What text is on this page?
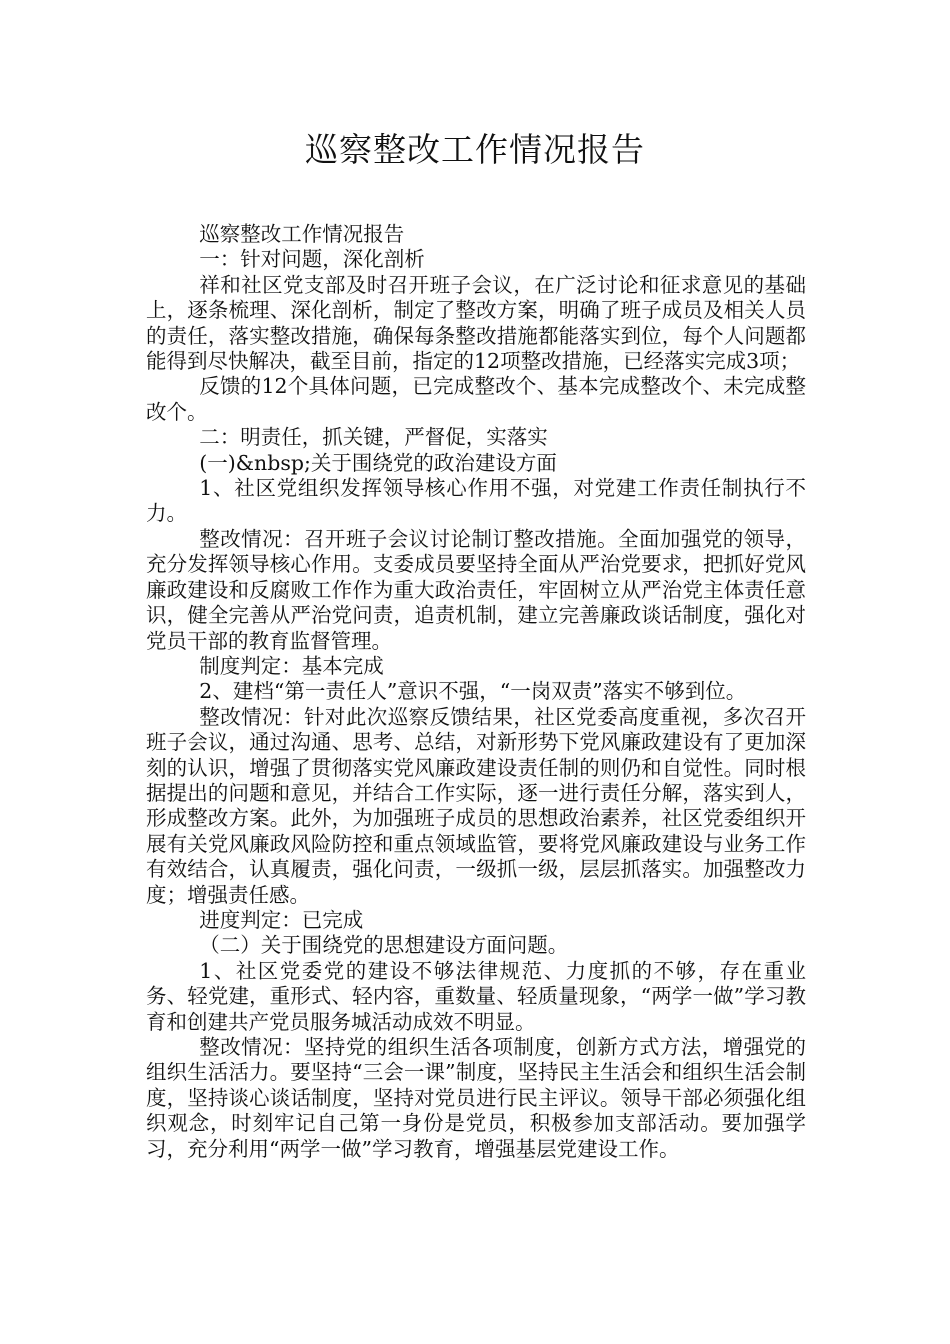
巡察整改工作情况报告

巡察整改工作情况报告

一：针对问题，深化剖析

祥和社区党支部及时召开班子会议，在广泛讨论和征求意见的基础上，逐条梳理、深化剖析，制定了整改方案，明确了班子成员及相关人员的责任，落实整改措施，确保每条整改措施都能落实到位，每个人问题都能得到尽快解决，截至目前，指定的12项整改措施，已经落实完成3项；

反馈的12个具体问题，已完成整改个、基本完成整改个、未完成整改个。

二：明责任，抓关键，严督促，实落实

(一)&nbsp;关于围绕党的政治建设方面

1、社区党组织发挥领导核心作用不强，对党建工作责任制执行不力。

整改情况：召开班子会议讨论制订整改措施。全面加强党的领导，充分发挥领导核心作用。支委成员要坚持全面从严治党要求，把抓好党风廉政建设和反腐败工作作为重大政治责任，牢固树立从严治党主体责任意识，健全完善从严治党问责，追责机制，建立完善廉政谈话制度，强化对党员干部的教育监督管理。

制度判定：基本完成

2、建档“第一责任人”意识不强，“一岗双责”落实不够到位。

整改情况：针对此次巡察反馈结果，社区党委高度重视，多次召开班子会议，通过沟通、思考、总结，对新形势下党风廉政建设有了更加深刻的认识，增强了贯彻落实党风廉政建设责任制的则仍和自觉性。同时根据提出的问题和意见，并结合工作实际，逐一进行责任分解，落实到人，形成整改方案。此外，为加强班子成员的思想政治素养，社区党委组织开展有关党风廉政风险防控和重点领域监管，要将党风廉政建设与业务工作有效结合，认真履责，强化问责，一级抓一级，层层抓落实。加强整改力度；增强责任感。

进度判定：已完成

（二）关于围绕党的思想建设方面问题。

1、社区党委党的建设不够法律规范、力度抓的不够，存在重业务、轻党建，重形式、轻内容，重数量、轻质量现象，“两学一做”学习教育和创建共产党员服务城活动成效不明显。

整改情况：坚持党的组织生活各项制度，创新方式方法，增强党的组织生活活力。要坚持“三会一课”制度，坚持民主生活会和组织生活会制度，坚持谈心谈话制度，坚持对党员进行民主评议。领导干部必须强化组织观念，时刻牢记自己第一身份是党员，积极参加支部活动。要加强学习，充分利用“两学一做”学习教育，增强基层党建设工作。
